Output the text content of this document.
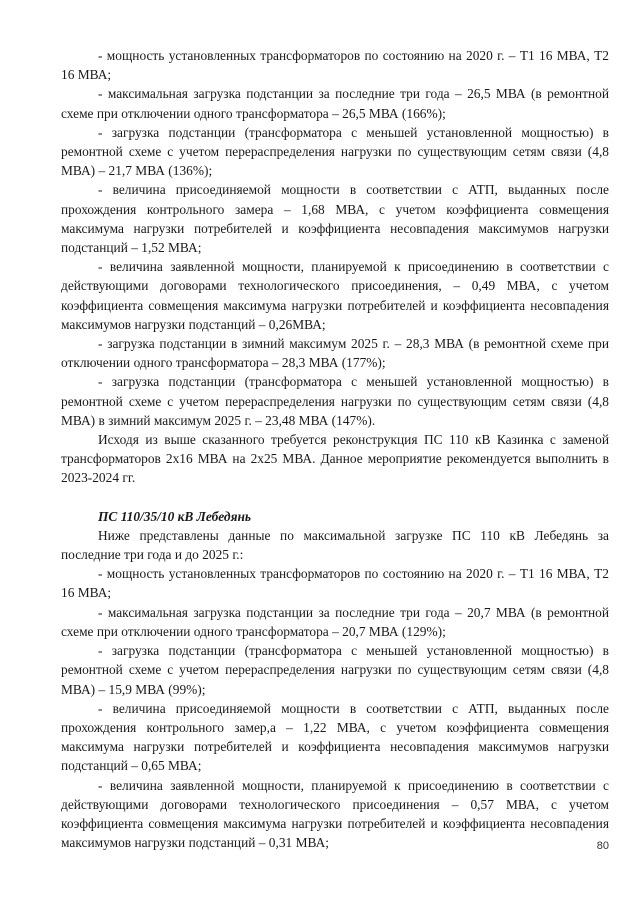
- мощность установленных трансформаторов по состоянию на 2020 г. – Т1 16 МВА, Т2 16 МВА;

- максимальная загрузка подстанции за последние три года – 26,5 МВА (в ремонтной схеме при отключении одного трансформатора – 26,5 МВА (166%);

- загрузка подстанции (трансформатора с меньшей установленной мощностью) в ремонтной схеме с учетом перераспределения нагрузки по существующим сетям связи (4,8 МВА) – 21,7 МВА (136%);

- величина присоединяемой мощности в соответствии с АТП, выданных после прохождения контрольного замера – 1,68 МВА, с учетом коэффициента совмещения максимума нагрузки потребителей и коэффициента несовпадения максимумов нагрузки подстанций – 1,52 МВА;

- величина заявленной мощности, планируемой к присоединению в соответствии с действующими договорами технологического присоединения, – 0,49 МВА, с учетом коэффициента совмещения максимума нагрузки потребителей и коэффициента несовпадения максимумов нагрузки подстанций – 0,26МВА;

- загрузка подстанции в зимний максимум 2025 г. – 28,3 МВА (в ремонтной схеме при отключении одного трансформатора – 28,3 МВА (177%);

- загрузка подстанции (трансформатора с меньшей установленной мощностью) в ремонтной схеме с учетом перераспределения нагрузки по существующим сетям связи (4,8 МВА) в зимний максимум 2025 г. – 23,48 МВА (147%).

Исходя из выше сказанного требуется реконструкция ПС 110 кВ Казинка с заменой трансформаторов 2х16 МВА на 2х25 МВА. Данное мероприятие рекомендуется выполнить в 2023-2024 гг.

ПС 110/35/10 кВ Лебедянь

Ниже представлены данные по максимальной загрузке ПС 110 кВ Лебедянь за последние три года и до 2025 г.:

- мощность установленных трансформаторов по состоянию на 2020 г. – Т1 16 МВА, Т2 16 МВА;

- максимальная загрузка подстанции за последние три года – 20,7 МВА (в ремонтной схеме при отключении одного трансформатора – 20,7 МВА (129%);

- загрузка подстанции (трансформатора с меньшей установленной мощностью) в ремонтной схеме с учетом перераспределения нагрузки по существующим сетям связи (4,8 МВА) – 15,9 МВА (99%);

- величина присоединяемой мощности в соответствии с АТП, выданных после прохождения контрольного замер,а – 1,22 МВА, с учетом коэффициента совмещения максимума нагрузки потребителей и коэффициента несовпадения максимумов нагрузки подстанций – 0,65 МВА;

- величина заявленной мощности, планируемой к присоединению в соответствии с действующими договорами технологического присоединения – 0,57 МВА, с учетом коэффициента совмещения максимума нагрузки потребителей и коэффициента несовпадения максимумов нагрузки подстанций – 0,31 МВА;	80
